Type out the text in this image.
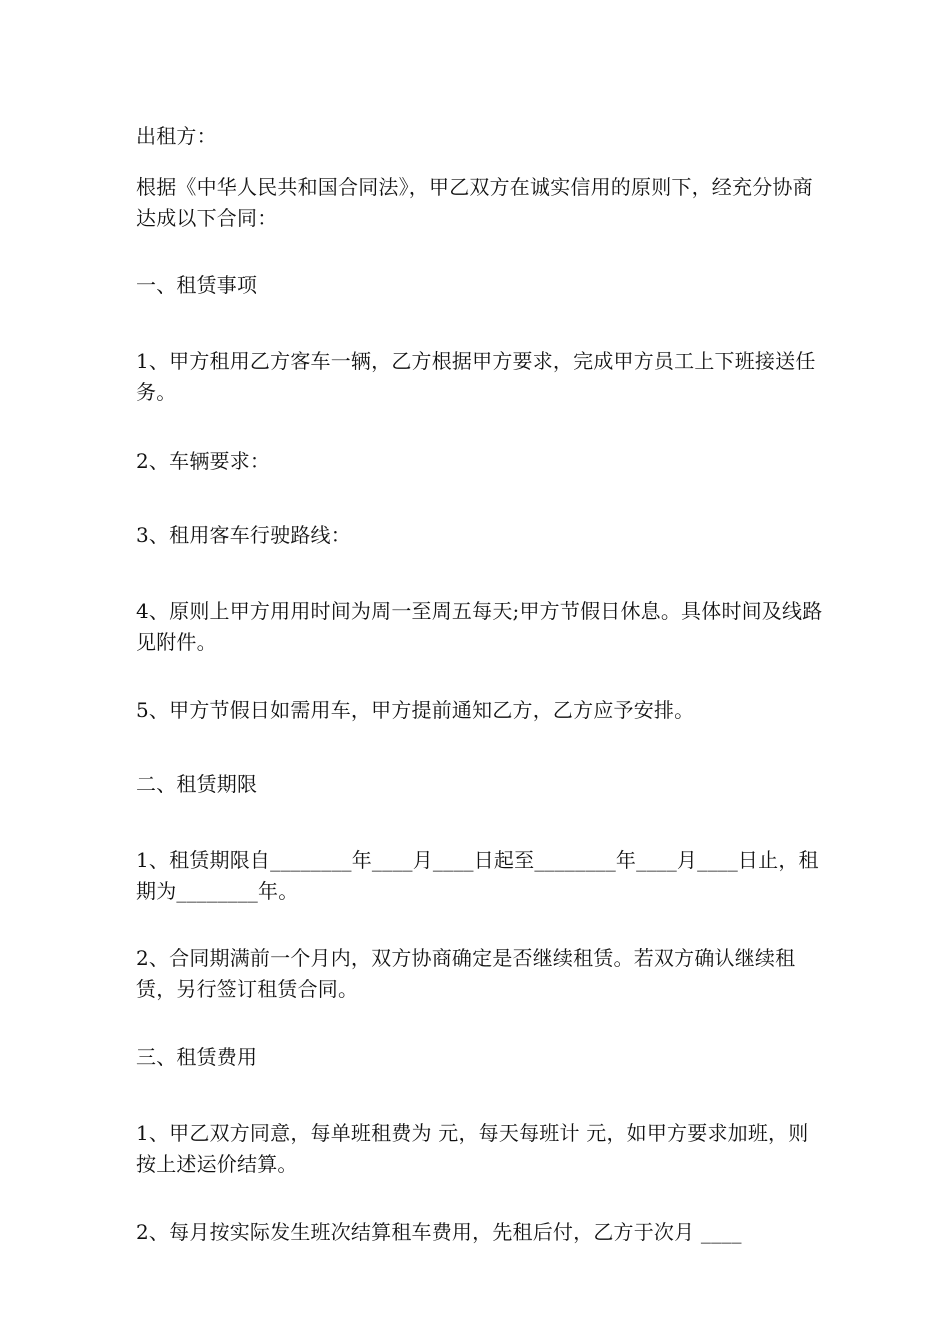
出租方：

根据《中华人民共和国合同法》，甲乙双方在诚实信用的原则下，经充分协商达成以下合同：

一、租赁事项

1、甲方租用乙方客车一辆，乙方根据甲方要求，完成甲方员工上下班接送任务。

2、车辆要求：

3、租用客车行驶路线：

4、原则上甲方用用时间为周一至周五每天;甲方节假日休息。具体时间及线路见附件。

5、甲方节假日如需用车，甲方提前通知乙方，乙方应予安排。

二、租赁期限

1、租赁期限自________年____月____日起至________年____月____日止，租期为________年。

2、合同期满前一个月内，双方协商确定是否继续租赁。若双方确认继续租赁，另行签订租赁合同。

三、租赁费用

1、甲乙双方同意，每单班租费为 元，每天每班计 元，如甲方要求加班，则按上述运价结算。

2、每月按实际发生班次结算租车费用，先租后付，乙方于次月 ____
